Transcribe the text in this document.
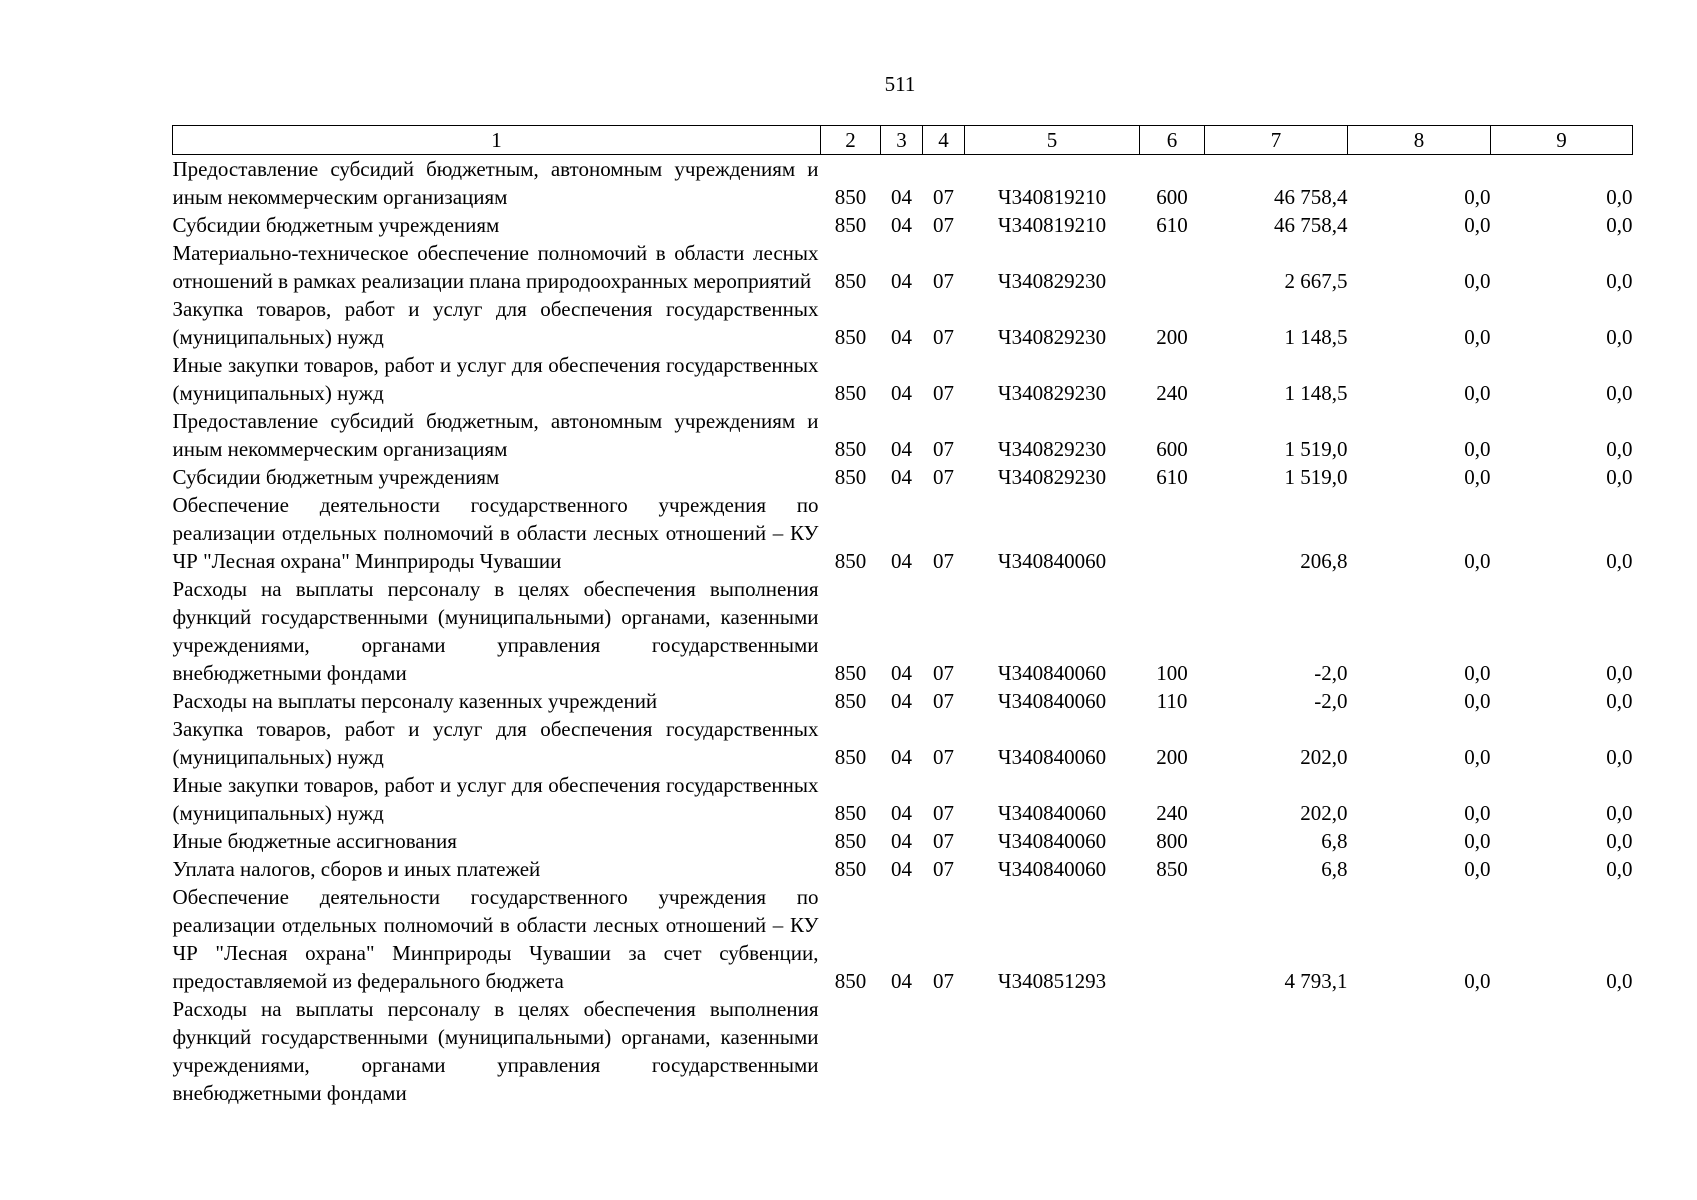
511
1	2	3	4	5	6	7	8	9
Предоставление субсидий бюджетным, автономным учреждениям и иным некоммерческим организациям	850	04	07	Ч340819210	600	46 758,4	0,0	0,0
Субсидии бюджетным учреждениям	850	04	07	Ч340819210	610	46 758,4	0,0	0,0
Материально-техническое обеспечение полномочий в области лесных отношений в рамках реализации плана природоохранных мероприятий	850	04	07	Ч340829230		2 667,5	0,0	0,0
Закупка товаров, работ и услуг для обеспечения государственных (муниципальных) нужд	850	04	07	Ч340829230	200	1 148,5	0,0	0,0
Иные закупки товаров, работ и услуг для обеспечения государственных (муниципальных) нужд	850	04	07	Ч340829230	240	1 148,5	0,0	0,0
Предоставление субсидий бюджетным, автономным учреждениям и иным некоммерческим организациям	850	04	07	Ч340829230	600	1 519,0	0,0	0,0
Субсидии бюджетным учреждениям	850	04	07	Ч340829230	610	1 519,0	0,0	0,0
Обеспечение деятельности государственного учреждения по реализации отдельных полномочий в области лесных отношений – КУ ЧР "Лесная охрана" Минприроды Чувашии	850	04	07	Ч340840060		206,8	0,0	0,0
Расходы на выплаты персоналу в целях обеспечения выполнения функций государственными (муниципальными) органами, казенными учреждениями, органами управления государственными внебюджетными фондами	850	04	07	Ч340840060	100	-2,0	0,0	0,0
Расходы на выплаты персоналу казенных учреждений	850	04	07	Ч340840060	110	-2,0	0,0	0,0
Закупка товаров, работ и услуг для обеспечения государственных (муниципальных) нужд	850	04	07	Ч340840060	200	202,0	0,0	0,0
Иные закупки товаров, работ и услуг для обеспечения государственных (муниципальных) нужд	850	04	07	Ч340840060	240	202,0	0,0	0,0
Иные бюджетные ассигнования	850	04	07	Ч340840060	800	6,8	0,0	0,0
Уплата налогов, сборов и иных платежей	850	04	07	Ч340840060	850	6,8	0,0	0,0
Обеспечение деятельности государственного учреждения по реализации отдельных полномочий в области лесных отношений – КУ ЧР "Лесная охрана" Минприроды Чувашии за счет субвенции, предоставляемой из федерального бюджета	850	04	07	Ч340851293		4 793,1	0,0	0,0
Расходы на выплаты персоналу в целях обеспечения выполнения функций государственными (муниципальными) органами, казенными учреждениями, органами управления государственными внебюджетными фондами								
